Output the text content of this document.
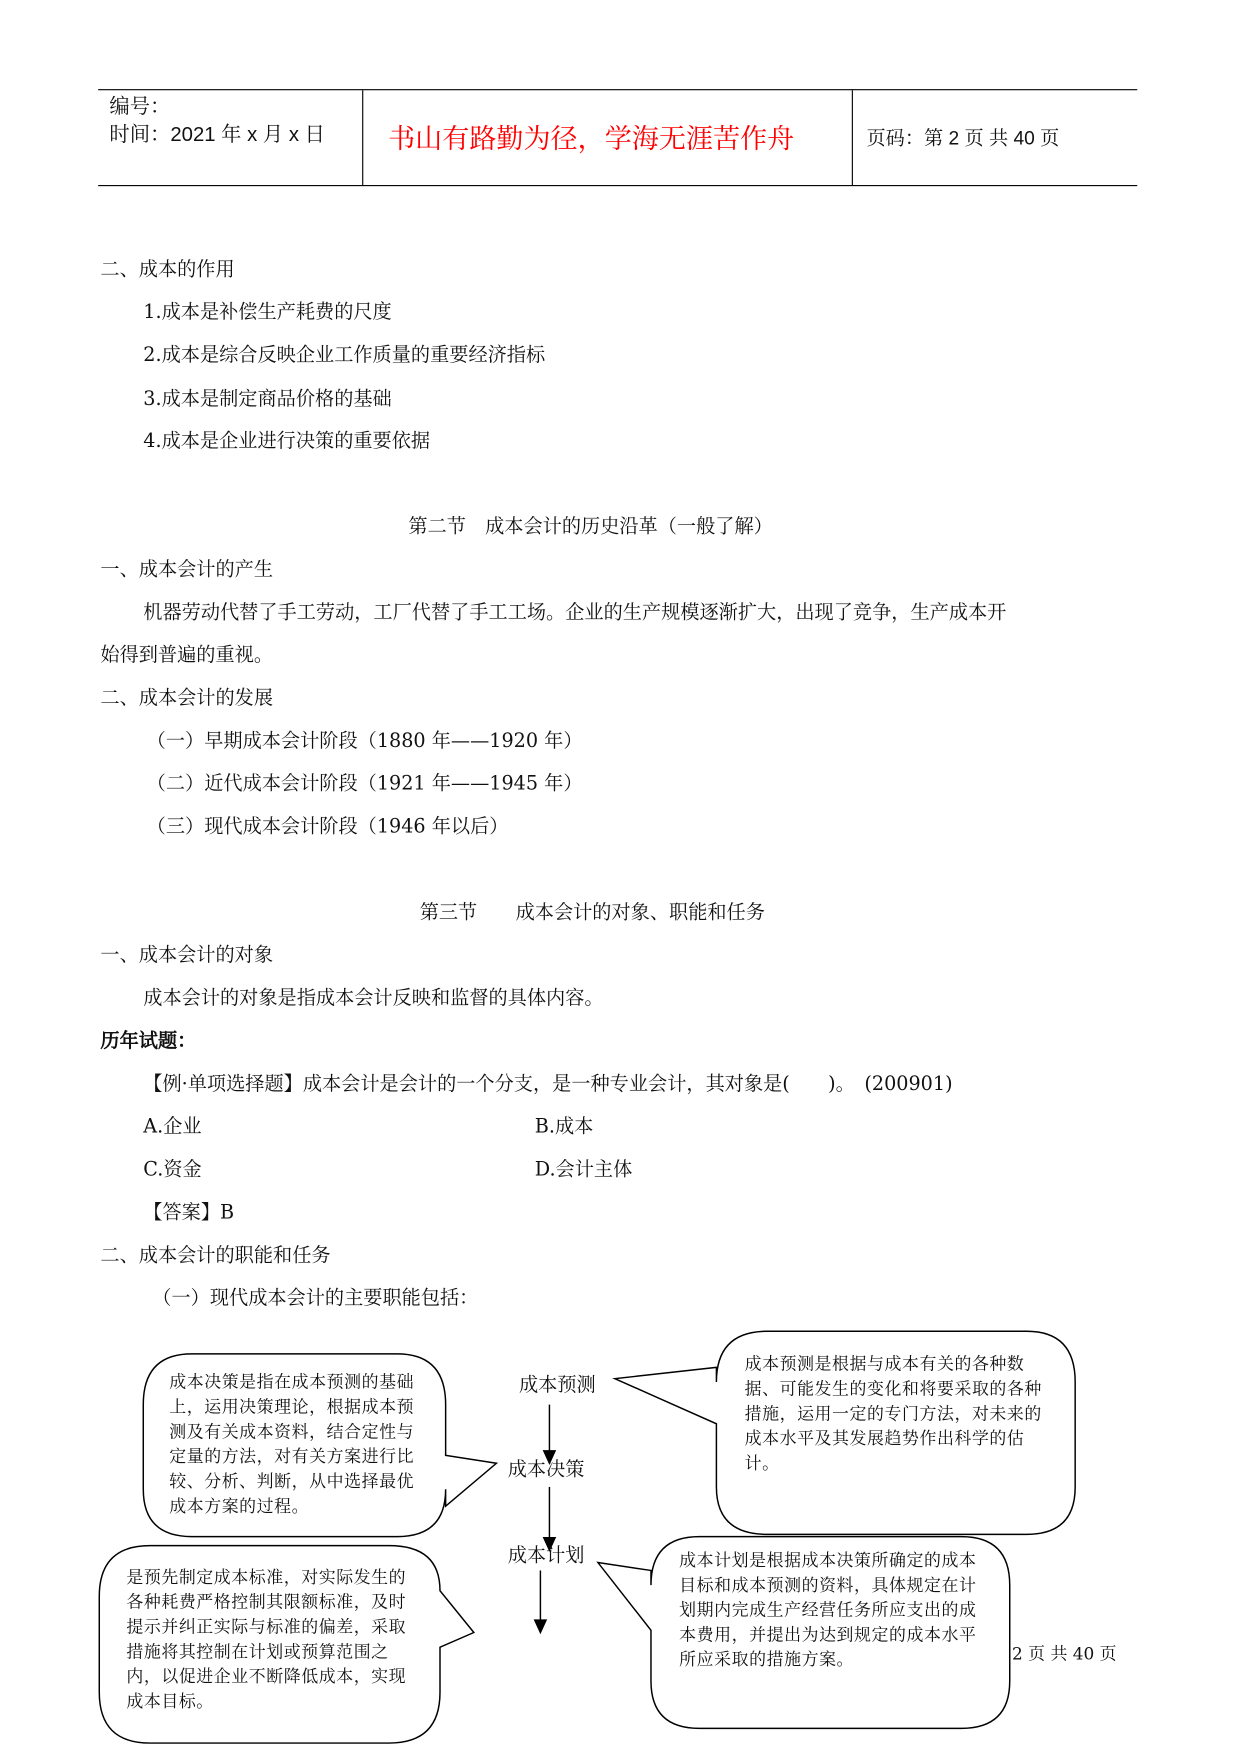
编号：
时间：2021 年 x 月 x 日	书山有路勤为径，学海无涯苦作舟	页码：第 2 页 共 40 页
二、成本的作用
1.成本是补偿生产耗费的尺度
2.成本是综合反映企业工作质量的重要经济指标
3.成本是制定商品价格的基础
4.成本是企业进行决策的重要依据
第二节　成本会计的历史沿革（一般了解）
一、成本会计的产生
机器劳动代替了手工劳动，工厂代替了手工工场。企业的生产规模逐渐扩大，出现了竞争，生产成本开
始得到普遍的重视。
二、成本会计的发展
（一）早期成本会计阶段（1880 年——1920 年）
（二）近代成本会计阶段（1921 年——1945 年）
（三）现代成本会计阶段（1946 年以后）
第三节　　成本会计的对象、职能和任务
一、成本会计的对象
成本会计的对象是指成本会计反映和监督的具体内容。
历年试题：
【例·单项选择题】成本会计是会计的一个分支，是一种专业会计，其对象是(　　)。　(200901)
A.企业	B.成本
C.资金	D.会计主体
【答案】B
二、成本会计的职能和任务
（一）现代成本会计的主要职能包括：
成本预测
成本决策
成本计划
成本决策是指在成本预测的基础上，运用决策理论，根据成本预测及有关成本资料，结合定性与定量的方法，对有关方案进行比较、分析、判断，从中选择最优成本方案的过程。
成本预测是根据与成本有关的各种数据、可能发生的变化和将要采取的各种措施，运用一定的专门方法，对未来的成本水平及其发展趋势作出科学的估计。
是预先制定成本标准，对实际发生的各种耗费严格控制其限额标准，及时提示并纠正实际与标准的偏差，采取措施将其控制在计划或预算范围之内，以促进企业不断降低成本，实现成本目标。
成本计划是根据成本决策所确定的成本目标和成本预测的资料，具体规定在计划期内完成生产经营任务所应支出的成本费用，并提出为达到规定的成本水平所应采取的措施方案。	2 页 共 40 页
